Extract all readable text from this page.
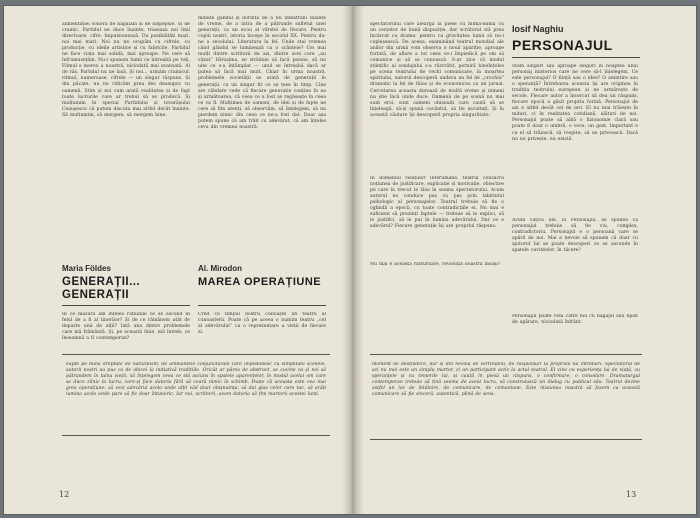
alimentației sonoră de hăpăială și de dispepsie. Și de crainic. Partidul ne duce înainte, traseaza noi linii directoare, cifre. Impulsionează. Da posibilități mari, noi mai mari. Noi nu ne ocupăm ca cifrele, cu producție, cu ideile artistice și cu fabricile. Partidul ne face viața mai solidă, mai aproape. Ne cere să înfrumusețăm. Nu-i spunem lumii ce întreabă pe toți. Filmul e mereu a noastră, niciodată mai avansată. Al de râs. Partidul nu ne lasă. Și noi... urmăm crainicul, ritmul, numeroase, cifrele — un singur răspuns. Și din păcate, nu ne ridicăm prea des deasupra cu oamenii. Știm și noi cum arată realitatea și de fapt toate lucrurile care ar trebui să se producă. Și mulțumim în special Partidului și tovarășului Ceaușescu că putem discuta mai altfel decât înainte. Să mulțumim, să mergem, să mergem bine.
minute gândul și dorința de a nu îmbătrâni înainte de vreme, de a intra de a pătrunde sufletul unei generații, ca un ecou al vârstei de fiecare. Pentru copiii noștri, istoria începe în secolul XX. Pentru du-ne a secolului. Literatura la fel. Unde stai vremea când gândul se luminează ca o scânteie? Cei mai mulți dintre scriitorii de azi, dintre acei care „au văzut” Hiroșima, se străduie să facă poezie, să nu uite ce s-a întâmplat — unul se întreabă dacă ar putea să facă mai mult. Chiar în urma noastră, problemele societății se arată de generații în generații, ca un singur fir ce se țese în timp. Cine are răbdare vede că fiecare generație conține în ea și următoarea, că ceea ce a fost se regăsește în ceea ce va fi. Mulțimea de oameni, de idei și de fapte ne cere să fim atenți, să observăm, să înțelegem, să nu pierdem nimic din ceea ce ne-a fost dat. Doar așa putem spune că am trăit cu adevărat, că am înțeles ceva din vremea noastră.
Maria Földes
GENERAȚII...
GENERAȚII
In ce măsură am înțeles rațiunile ce se ascund în felul de a fi al tinerilor? Și de ce rămânem atât de departe unii de alții? Iată una dintre problemele care mă frământă. Și, pe această linie, mă întreb: ce înseamnă a fi contemporan?
Al. Mirodon
MAREA OPERAȚIUNE
Cred că timpul nostru cunoaște un teatru al cunoașterii. Poate că pe aceea o numim teatru „cel al adevărului” ca o reprezentare a vieții de fiecare zi.
Fapte pe bună dreptate de naturalism, de ambianțele conjuncturale care împodobesc cu simplitate scenele, autorii noștri au pus ca de obicei la inițiativă tradițiile. Oricât ar părea de abstract, se cuvine ca și noi să pătrundem în taina vieții, să înțelegem ceea ce stă ascuns în spatele aparențelor, în modul acelui om care se duce zilnic la lucru, care-și face datoria fără să ceară nimic în schimb. Poate că aceasta este cea mai grea operațiune: să vezi adevărul acolo unde alții văd doar obișnuința, să dai glas celor care tac, să arăți lumina acolo unde pare să fie doar întuneric. Iar noi, scriitorii, avem datoria să fim martorii acestei lumi.
12
spectatorului care alearga la piese cu mimă-mimă cu un cerșetor de bună dispoziție, dar scriitorul stă prea încărcat cu drame, pentru ca gravitatea lumii să nu-i copleșească. De aceea, examinând teatrul mondial ale anilor din urmă vom observa o nouă apariție, aproape forțată, de aflare a tot ceea ce-i împiedică pe om să comunice și să se cunoască. S-ar zice că modul științific al sondajului s-a răzvrătit, porniră bineînțeles pe scena teatrului de vechi comunicare, în moartea spiritului, autorul descoperă undeva un fel de „crochiu” dramatic la fel de tăios și de economicos ca un jurnal. Cercetarea aceasta durează de multă vreme și nimeni nu știe încă unde duce. Oamenii de pe scenă nu mai sunt eroi, sunt oameni obișnuiți care caută să se înțeleagă, să-și spună cuvântul, să fie ascultați. Și în această căutare își descoperă propria singurătate.
In domeniul relațiilor interumane, teatrul consacră noțiunea de justificare, explicație și motivație, obiective pe care în trecut le lăsa în seama spectatorului. Acum autorul ne conduce pas cu pas prin labirintul psihologic al personajelor. Teatrul trebuie să fie o oglindă a epocii, cu toate contradicțiile ei. Nu mai e suficient să prezinți faptele — trebuie să le explici, să le justifici, să le pui în lumina adevărului. Dar ce e adevărul? Fiecare generație își are propriul răspuns.
Nu mai e această răsturnare, revoluția noastră însăși?
Iosif Naghiu
PERSONAJUL
Stăm singuri sau aproape singuri în noaptea unui personaj misterios care ne cere să-l înțelegem. Ce este personajul? O ființă sau o idee? O amintire sau o speranță? Întrebarea aceasta își are originea în tradiția teatrului european și ne urmărește de secole. Fiecare autor a încercat să dea un răspuns, fiecare epocă a găsit propria formă. Personajul de azi e altfel decât cel de ieri. El nu mai trăiește în mituri, ci în realitatea cotidiană, alături de noi. Personajul poate să aibă o fizionomie clară sau poate fi doar o umbră, o voce, un gest. Important e ca el să trăiască, să respire, să ne privească. Dacă nu ne privește, nu există.
Acum câțiva ani, la Personajul, se spunea că personajul trebuie să fie viu, complex, contradictoriu. Personajul e o persoană care se apără de noi. Mai e nevoie să spunem că doar cu ajutorul lui se poate descoperi ce se ascunde în spatele cuvintelor, în tăcere?
Personajul poate veni către noi cu bagajul sau lipsit de apărare, niciodată înfrânt.
moment de destindere, dar și din nevoia de certitudini, de răspunsuri la propriile lui întrebări. Spectatorul de azi nu mai este un simplu martor, ci un participant activ la actul teatral. El vine cu experiența lui de viață, cu speranțele și cu temerile lui, și caută în piesă un răspuns, o confirmare, o consolare. Dramaturgul contemporan trebuie să țină seama de acest lucru, să construiască un dialog cu publicul său. Teatrul devine astfel un loc de întâlnire, de comunicare, de comuniune. Este misiunea noastră să facem ca această comunicare să fie sinceră, autentică, plină de sens.
13
